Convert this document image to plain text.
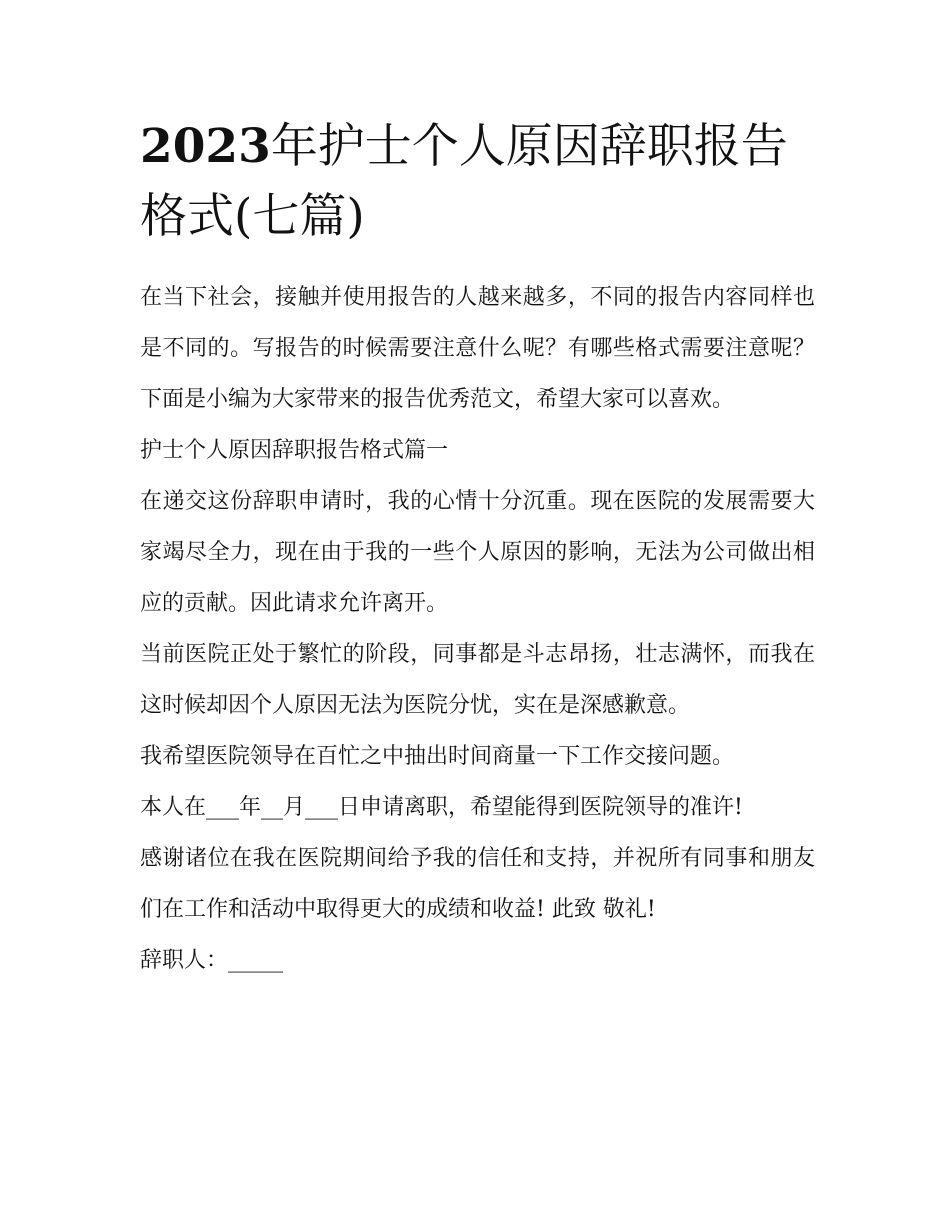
2023年护士个人原因辞职报告格式(七篇)

在当下社会，接触并使用报告的人越来越多，不同的报告内容同样也是不同的。写报告的时候需要注意什么呢？有哪些格式需要注意呢？下面是小编为大家带来的报告优秀范文，希望大家可以喜欢。

护士个人原因辞职报告格式篇一

在递交这份辞职申请时，我的心情十分沉重。现在医院的发展需要大家竭尽全力，现在由于我的一些个人原因的影响，无法为公司做出相应的贡献。因此请求允许离开。

当前医院正处于繁忙的阶段，同事都是斗志昂扬，壮志满怀，而我在这时候却因个人原因无法为医院分忧，实在是深感歉意。

我希望医院领导在百忙之中抽出时间商量一下工作交接问题。

本人在___年__月___日申请离职，希望能得到医院领导的准许!

感谢诸位在我在医院期间给予我的信任和支持，并祝所有同事和朋友们在工作和活动中取得更大的成绩和收益! 此致 敬礼!

辞职人：_____
